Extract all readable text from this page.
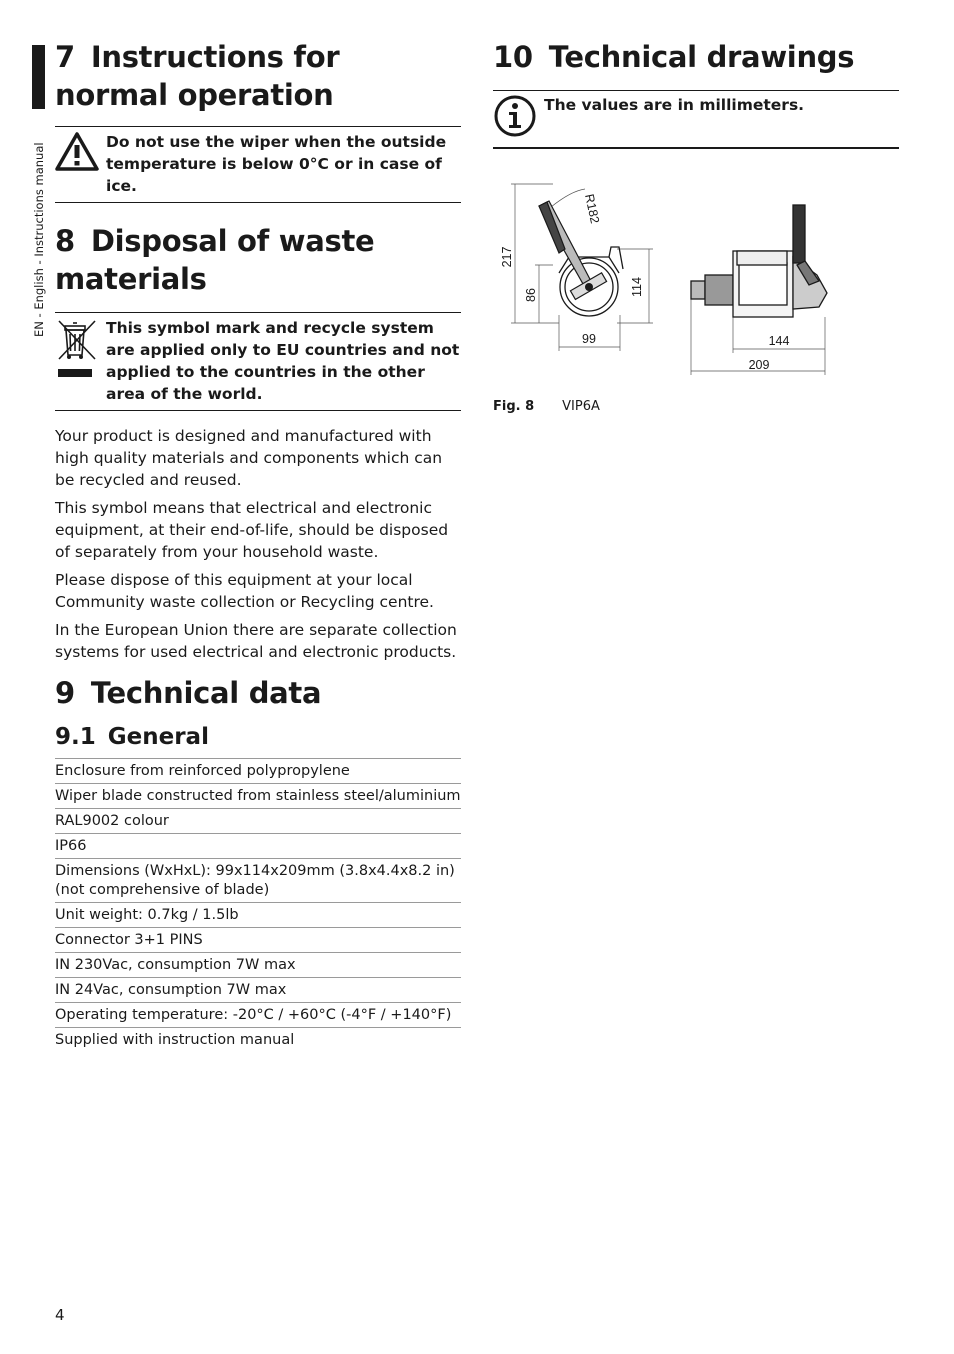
EN - English - Instructions manual
7 Instructions for normal operation
Do not use the wiper when the outside temperature is below 0°C or in case of ice.
8 Disposal of waste materials
This symbol mark and recycle system are applied only to EU countries and not applied to the countries in the other area of the world.

Your product is designed and manufactured with high quality materials and components which can be recycled and reused.

This symbol means that electrical and electronic equipment, at their end-of-life, should be disposed of separately from your household waste.

Please dispose of this equipment at your local Community waste collection or Recycling centre.

In the European Union there are separate collection systems for used electrical and electronic products.

9 Technical data
9.1 General
Enclosure from reinforced polypropylene
Wiper blade constructed from stainless steel/aluminium
RAL9002 colour
IP66
Dimensions (WxHxL): 99x114x209mm (3.8x4.4x8.2 in) (not comprehensive of blade)
Unit weight: 0.7kg / 1.5lb
Connector 3+1 PINS
IN 230Vac, consumption 7W max
IN 24Vac, consumption 7W max
Operating temperature: -20°C / +60°C (-4°F / +140°F)
Supplied with instruction manual
10 Technical drawings
The values are in millimeters.
217
86	114
R182
99	144
209
Fig. 8 VIP6A
4
